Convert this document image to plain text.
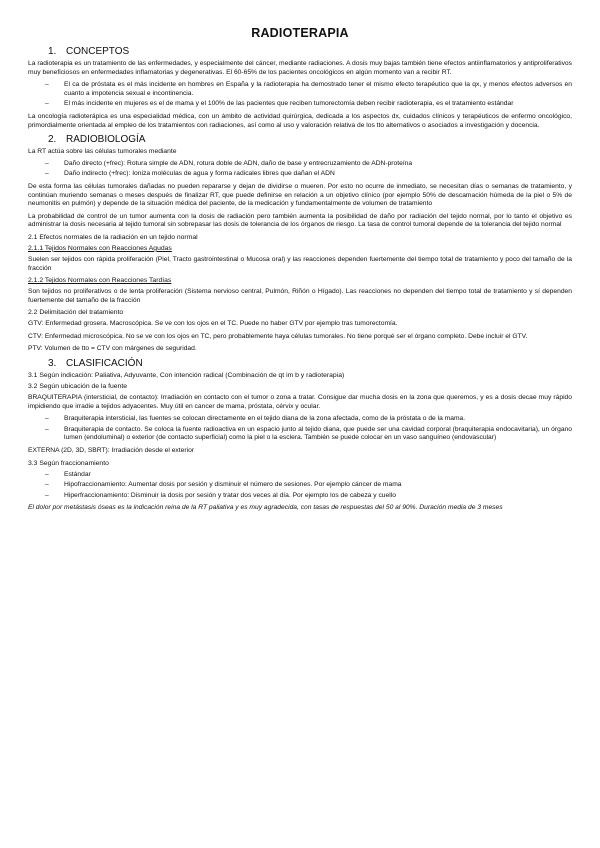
RADIOTERAPIA
1. CONCEPTOS

La radioterapia es un tratamiento de las enfermedades, y especialmente del cáncer, mediante radiaciones. A dosis muy bajas también tiene efectos antiinflamatorios y antiproliferativos muy beneficiosos en enfermedades inflamatorias y degenerativas. El 60-65% de los pacientes oncológicos en algún momento van a recibir RT.

– El ca de próstata es el más incidente en hombres en España y la radioterapia ha demostrado tener el mismo efecto terapéutico que la qx, y menos efectos adversos en cuanto a impotencia sexual e incontinencia.
– El más incidente en mujeres es el de mama y el 100% de las pacientes que reciben tumorectomía deben recibir radioterapia, es el tratamiento estándar

La oncología radioterápica es una especialidad médica, con un ámbito de actividad quirúrgica, dedicada a los aspectos dx, cuidados clínicos y terapéuticos de enfermo oncológico, primordialmente orientada al empleo de los tratamientos con radiaciones, así como al uso y valoración relativa de los tto alternativos o asociados a investigación y docencia.

2. RADIOBIOLOGÍA
La RT actúa sobre las células tumorales mediante
– Daño directo (+frec): Rotura simple de ADN, rotura doble de ADN, daño de base y entrecruzamiento de ADN-proteína
– Daño indirecto (+frec): Ioniza moléculas de agua y forma radicales libres que dañan el ADN

De esta forma las células tumorales dañadas no pueden repararse y dejan de dividirse o mueren. Por esto no ocurre de inmediato, se necesitan días o semanas de tratamiento, y continúan muriendo semanas o meses después de finalizar RT, que puede definirse en relación a un objetivo clínico (por ejemplo 50% de descamación húmeda de la piel o 5% de neumonitis en pulmón) y depende de la situación médica del paciente, de la medicación y fundamentalmente de volumen de tratamiento

La probabilidad de control de un tumor aumenta con la dosis de radiación pero también aumenta la posibilidad de daño por radiación del tejido normal, por lo tanto el objetivo es administrar la dosis necesaria al tejido tumoral sin sobrepasar las dosis de tolerancia de los órganos de riesgo. La tasa de control tumoral depende de la tolerancia del tejido normal

2.1 Efectos normales de la radiación en un tejido normal
2.1.1 Tejidos Normales con Reacciones Agudas

Suelen ser tejidos con rápida proliferación (Piel, Tracto gastrointestinal o Mucosa oral) y las reacciones dependen fuertemente del tiempo total de tratamiento y poco del tamaño de la fracción

2.1.2 Tejidos Normales con Reacciones Tardías

Son tejidos no proliferativos o de lenta proliferación (Sistema nervioso central, Pulmón, Riñón o Hígado). Las reacciones no dependen del tiempo total de tratamiento y sí dependen fuertemente del tamaño de la fracción

2.2 Delimitación del tratamiento

GTV: Enfermedad grosera. Macroscópica. Se ve con los ojos en el TC. Puede no haber GTV por ejemplo tras tumorectomía.

CTV: Enfermedad microscópica. No se ve con los ojos en TC, pero probablemente haya células tumorales. No tiene porqué ser el órgano completo. Debe incluir el GTV.

PTV: Volumen de tto = CTV con márgenes de seguridad.

3. CLASIFICACIÓN
3.1 Según indicación: Paliativa, Adyuvante, Con intención radical (Combinación de qt im b y radioterapia)
3.2 Según ubicación de la fuente

BRAQUITERAPIA (intersticial, de contacto): Irradiación en contacto con el tumor o zona a tratar. Consigue dar mucha dosis en la zona que queremos, y es a dosis decae muy rápido impidiendo que irradie a tejidos adyacentes. Muy útil en cancer de mama, próstata, cérvix y ocular.

– Braquiterapia intersticial, las fuentes se colocan directamente en el tejido diana de la zona afectada, como de la próstata o de la mama.
– Braquiterapia de contacto. Se coloca la fuente radioactiva en un espacio junto al tejido diana, que puede ser una cavidad corporal (braquiterapia endocavitaria), un órgano lumen (endoluminal) o exterior (de contacto superficial) como la piel o la esclera. También se puede colocar en un vaso sanguíneo (endovascular)

EXTERNA (2D, 3D, SBRT): Irradiación desde el exterior

3.3 Según fraccionamiento
– Estándar
– Hipofraccionamiento: Aumentar dosis por sesión y disminuir el número de sesiones. Por ejemplo cáncer de mama
– Hiperfraccionamiento: Disminuir la dosis por sesión y tratar dos veces al día. Por ejemplo los de cabeza y cuello

El dolor por metástasis óseas es la indicación reina de la RT paliativa y es muy agradecida, con tasas de respuestas del 50 al 90%. Duración media de 3 meses
